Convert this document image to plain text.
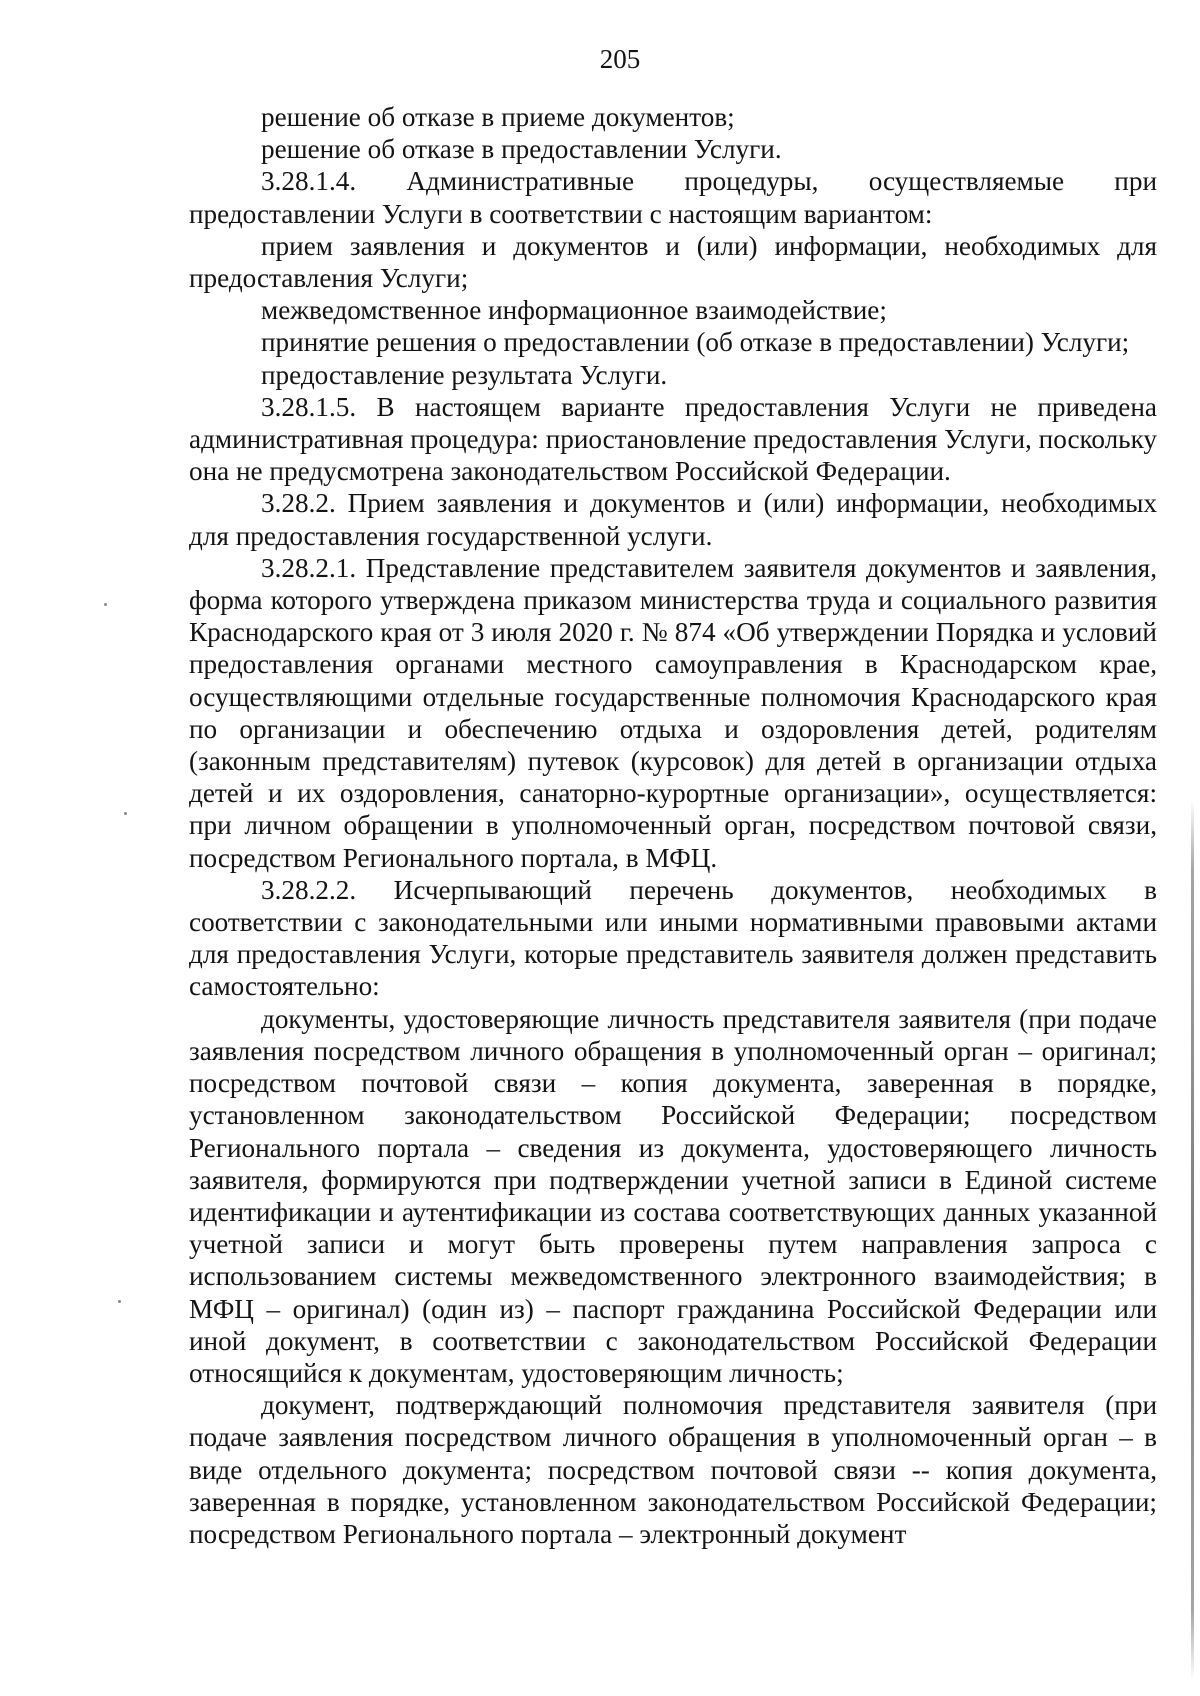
205

решение об отказе в приеме документов;

решение об отказе в предоставлении Услуги.

3.28.1.4. Административные процедуры, осуществляемые при предоставлении Услуги в соответствии с настоящим вариантом:

прием заявления и документов и (или) информации, необходимых для предоставления Услуги;

межведомственное информационное взаимодействие;

принятие решения о предоставлении (об отказе в предоставлении) Услуги;

предоставление результата Услуги.

3.28.1.5. В настоящем варианте предоставления Услуги не приведена административная процедура: приостановление предоставления Услуги, поскольку она не предусмотрена законодательством Российской Федерации.

3.28.2. Прием заявления и документов и (или) информации, необходимых для предоставления государственной услуги.

3.28.2.1. Представление представителем заявителя документов и заявления, форма которого утверждена приказом министерства труда и социального развития Краснодарского края от 3 июля 2020 г. № 874 «Об утверждении Порядка и условий предоставления органами местного самоуправления в Краснодарском крае, осуществляющими отдельные государственные полномочия Краснодарского края по организации и обеспечению отдыха и оздоровления детей, родителям (законным представителям) путевок (курсовок) для детей в организации отдыха детей и их оздоровления, санаторно-курортные организации», осуществляется: при личном обращении в уполномоченный орган, посредством почтовой связи, посредством Регионального портала, в МФЦ.

3.28.2.2. Исчерпывающий перечень документов, необходимых в соответствии с законодательными или иными нормативными правовыми актами для предоставления Услуги, которые представитель заявителя должен представить самостоятельно:

документы, удостоверяющие личность представителя заявителя (при подаче заявления посредством личного обращения в уполномоченный орган – оригинал; посредством почтовой связи – копия документа, заверенная в порядке, установленном законодательством Российской Федерации; посредством Регионального портала – сведения из документа, удостоверяющего личность заявителя, формируются при подтверждении учетной записи в Единой системе идентификации и аутентификации из состава соответствующих данных указанной учетной записи и могут быть проверены путем направления запроса с использованием системы межведомственного электронного взаимодействия; в МФЦ – оригинал) (один из) – паспорт гражданина Российской Федерации или иной документ, в соответствии с законодательством Российской Федерации относящийся к документам, удостоверяющим личность;

документ, подтверждающий полномочия представителя заявителя (при подаче заявления посредством личного обращения в уполномоченный орган – в виде отдельного документа; посредством почтовой связи -- копия документа, заверенная в порядке, установленном законодательством Российской Федерации; посредством Регионального портала – электронный документ
